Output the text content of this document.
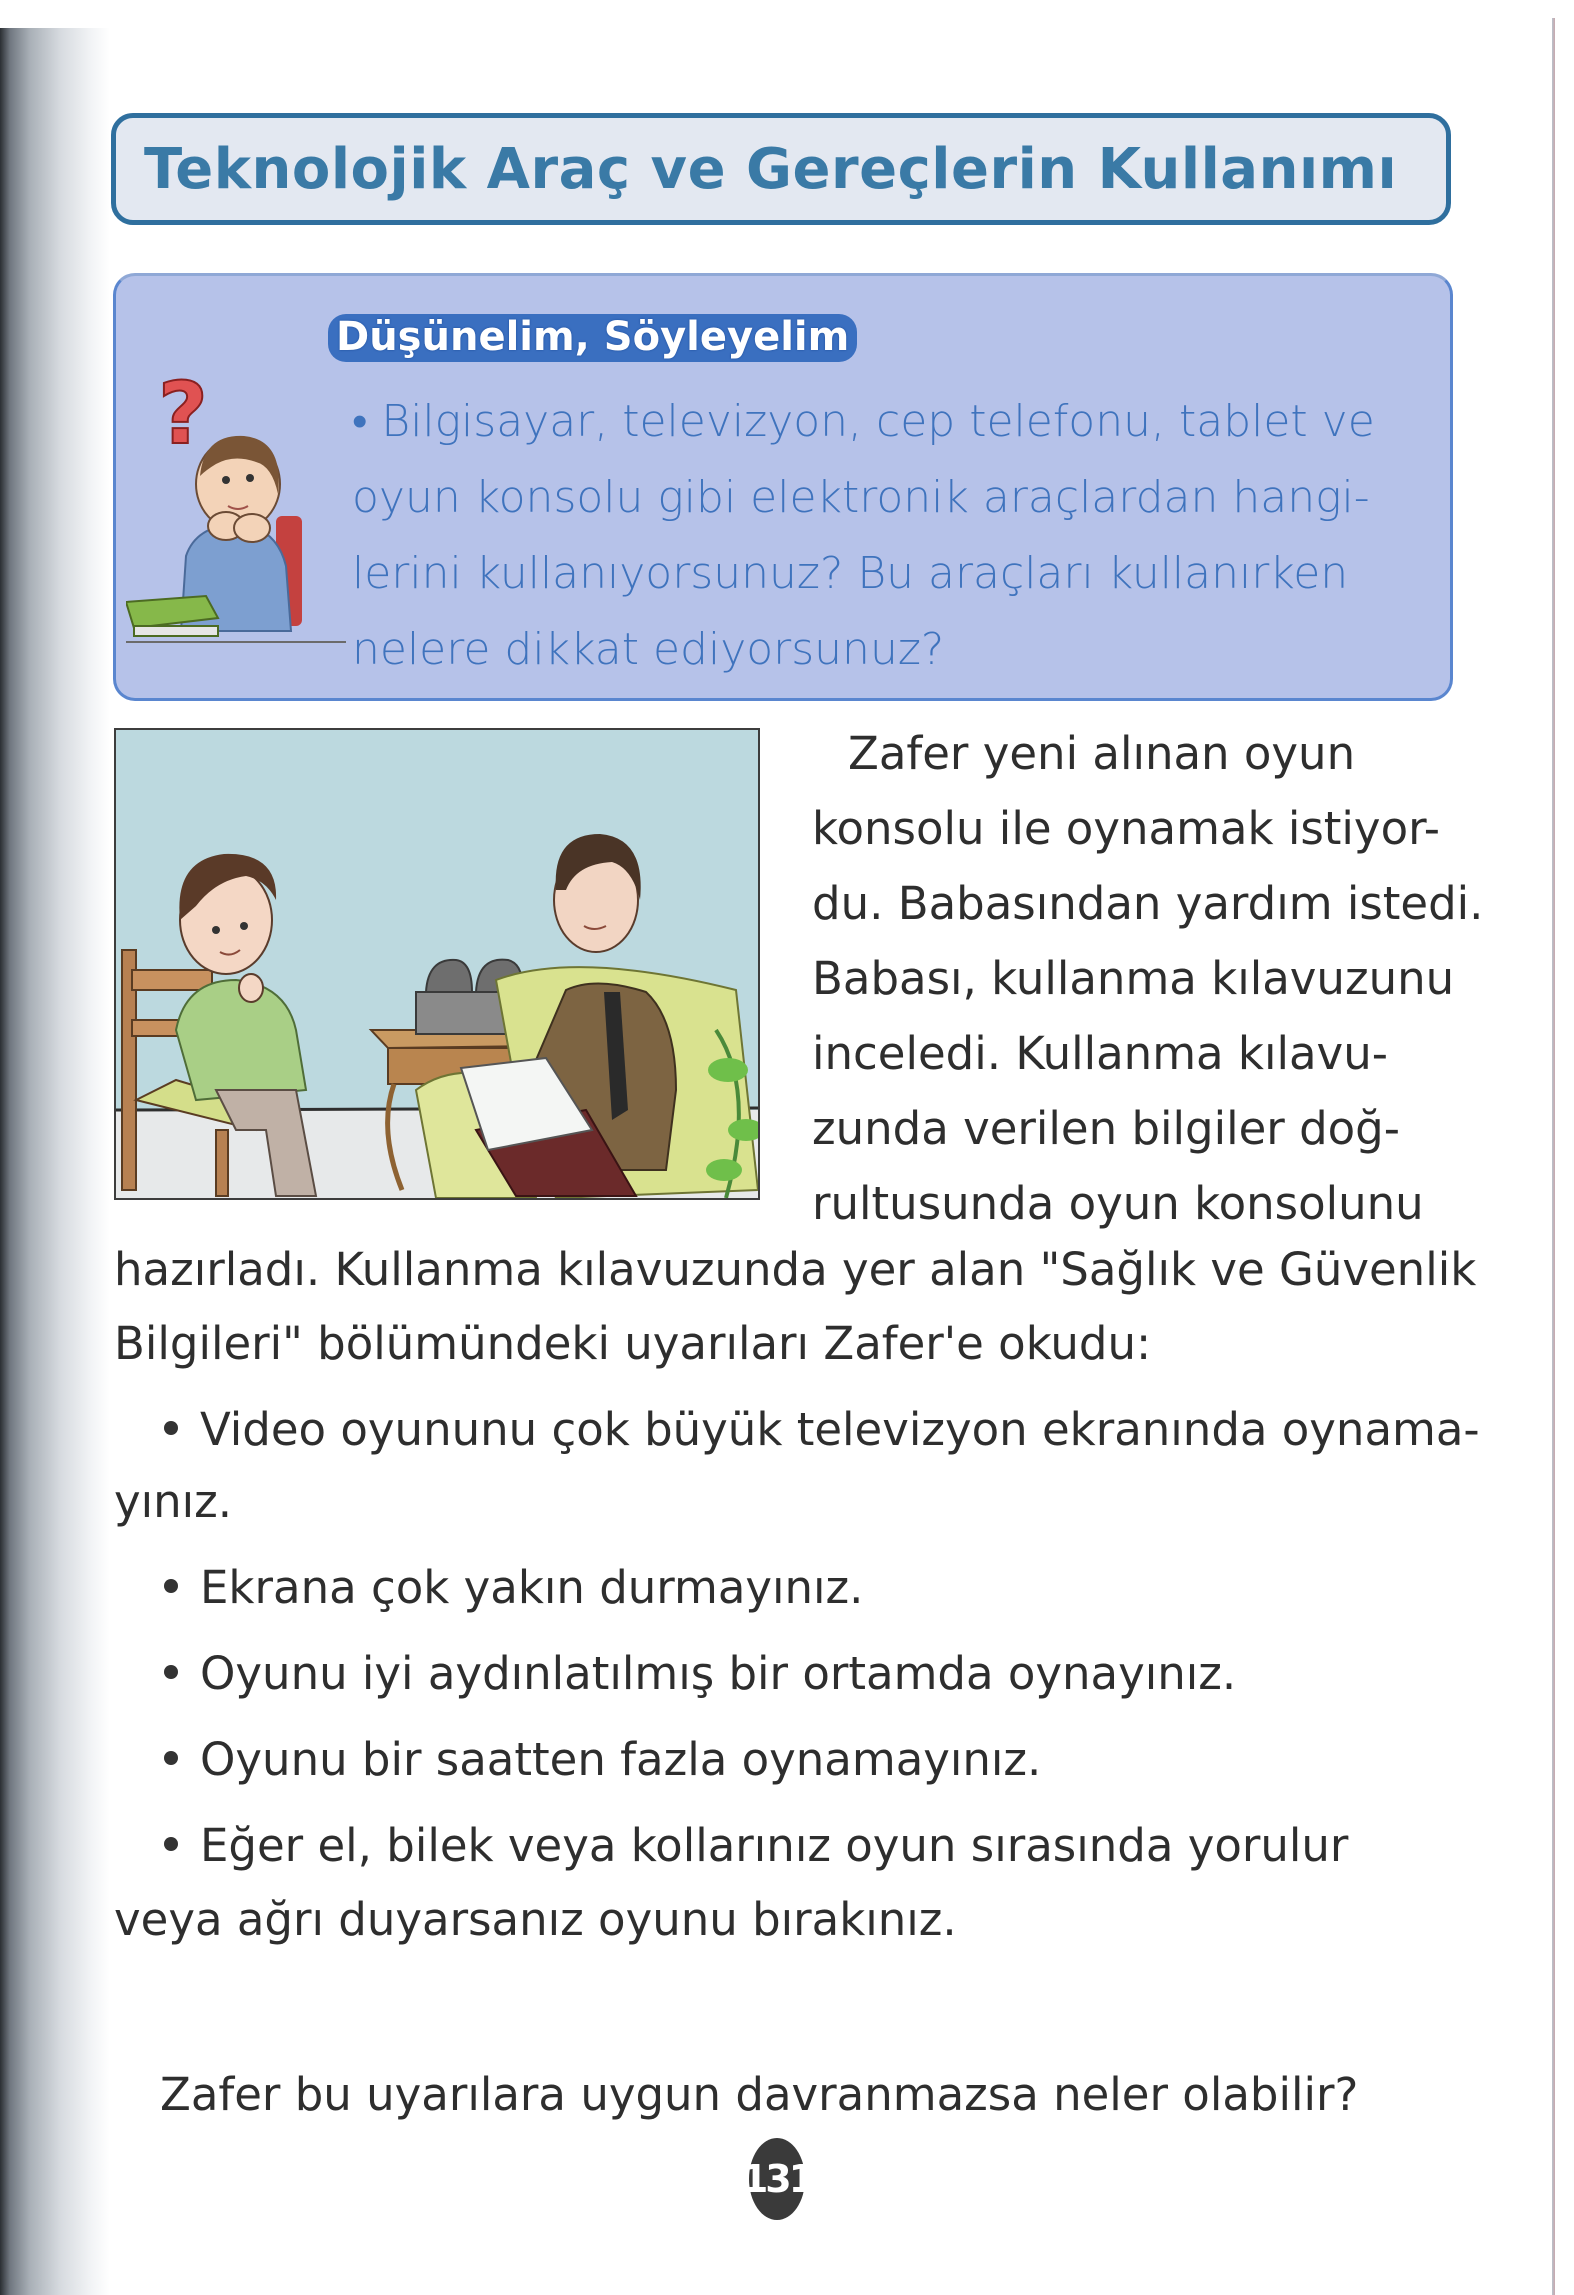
Teknolojik Araç ve Gereçlerin Kullanımı
Düşünelim, Söyleyelim
?	• Bilgisayar, televizyon, cep telefonu, tablet ve
oyun konsolu gibi elektronik araçlardan hangi-
lerini kullanıyorsunuz? Bu araçları kullanırken
nelere dikkat ediyorsunuz?
Zafer yeni alınan oyun
konsolu ile oynamak istiyor-
du. Babasından yardım istedi.
Babası, kullanma kılavuzunu
inceledi. Kullanma kılavu-
zunda verilen bilgiler doğ-
rultusunda oyun konsolunu
hazırladı. Kullanma kılavuzunda yer alan "Sağlık ve Güvenlik
Bilgileri" bölümündeki uyarıları Zafer'e okudu:
Video oyununu çok büyük televizyon ekranında oynama-
yınız.
Ekrana çok yakın durmayınız.
Oyunu iyi aydınlatılmış bir ortamda oynayınız.
Oyunu bir saatten fazla oynamayınız.
Eğer el, bilek veya kollarınız oyun sırasında yorulur
veya ağrı duyarsanız oyunu bırakınız.
Zafer bu uyarılara uygun davranmazsa neler olabilir?
131
